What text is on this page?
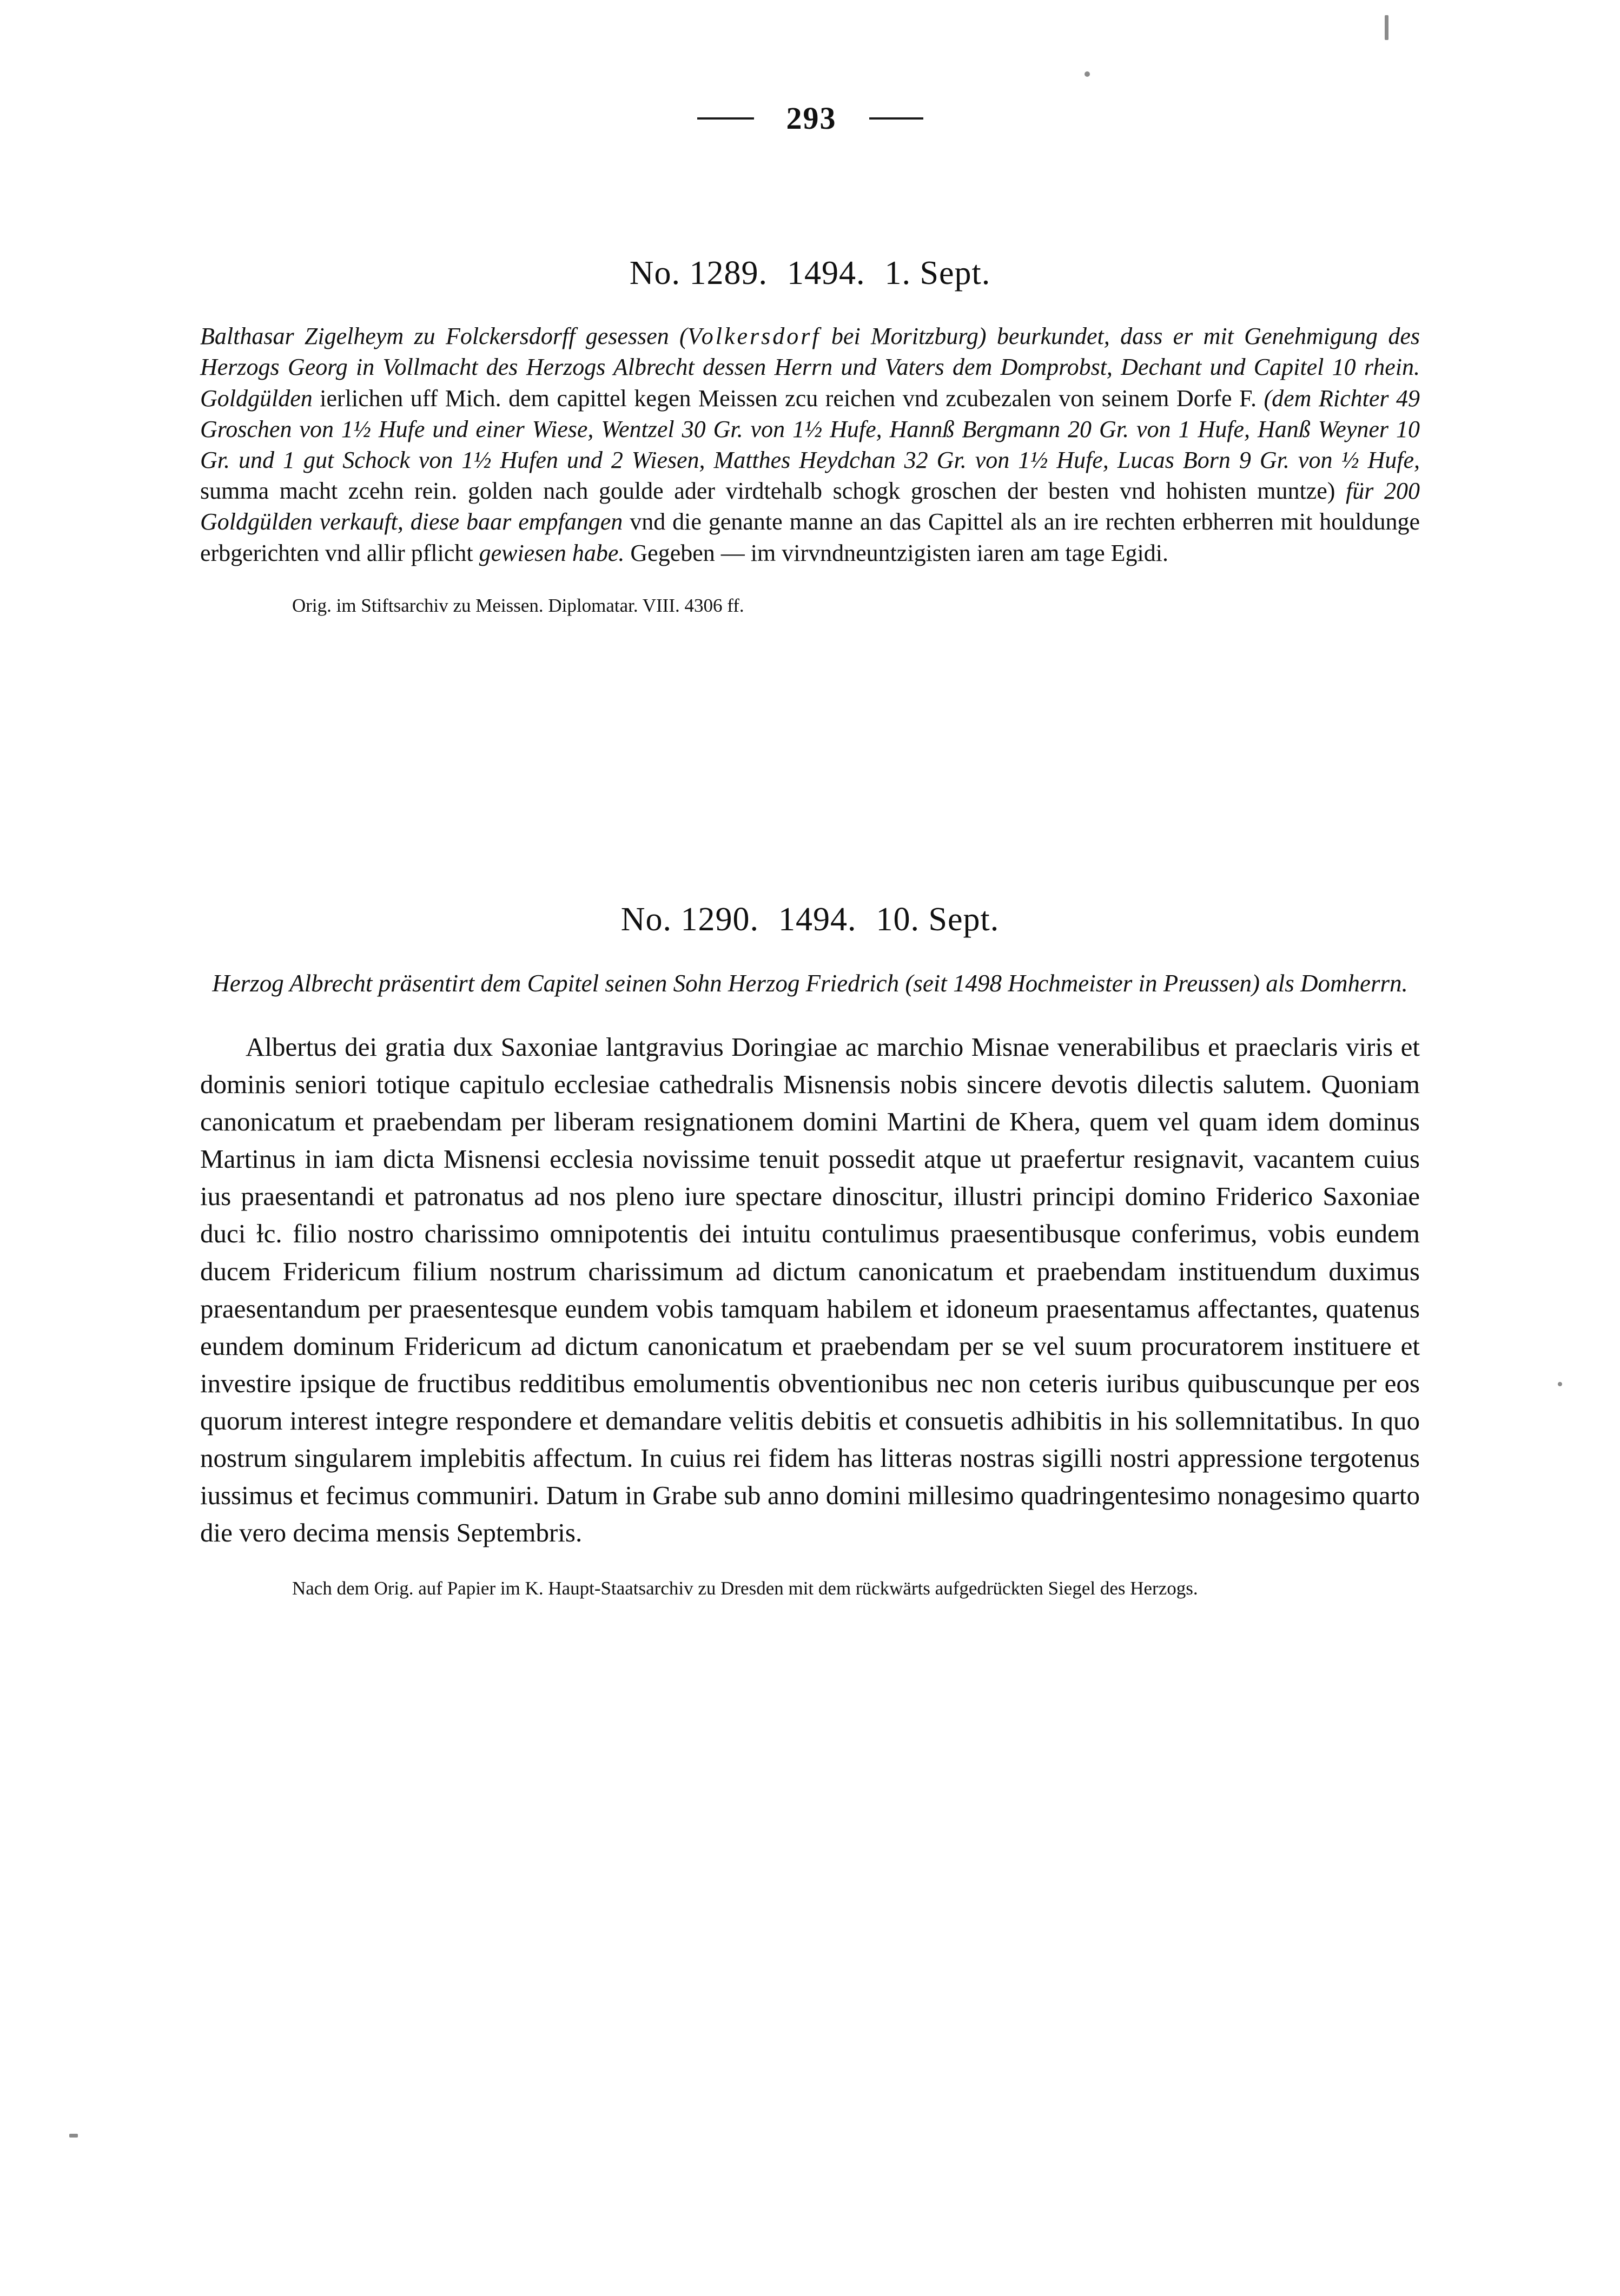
293
No. 1289. 1494. 1. Sept.

Balthasar Zigelheym zu Folckersdorff gesessen (Volkersdorf bei Moritzburg) beurkundet, dass er mit Genehmigung des Herzogs Georg in Vollmacht des Herzogs Albrecht dessen Herrn und Vaters dem Domprobst, Dechant und Capitel 10 rhein. Goldgülden ierlichen uff Mich. dem capittel kegen Meissen zcu reichen vnd zcubezalen von seinem Dorfe F. (dem Richter 49 Groschen von 1½ Hufe und einer Wiese, Wentzel 30 Gr. von 1½ Hufe, Hannß Bergmann 20 Gr. von 1 Hufe, Hanß Weyner 10 Gr. und 1 gut Schock von 1½ Hufen und 2 Wiesen, Matthes Heydchan 32 Gr. von 1½ Hufe, Lucas Born 9 Gr. von ½ Hufe, summa macht zcehn rein. golden nach goulde ader virdtehalb schogk groschen der besten vnd hohisten muntze) für 200 Goldgülden verkauft, diese baar empfangen vnd die genante manne an das Capittel als an ire rechten erbherren mit houldunge erbgerichten vnd allir pflicht gewiesen habe. Gegeben — im virvndneuntzigisten iaren am tage Egidi.

Orig. im Stiftsarchiv zu Meissen. Diplomatar. VIII. 4306 ff.

No. 1290. 1494. 10. Sept.

Herzog Albrecht präsentirt dem Capitel seinen Sohn Herzog Friedrich (seit 1498 Hochmeister in Preussen) als Domherrn.

Albertus dei gratia dux Saxoniae lantgravius Doringiae ac marchio Misnae venerabilibus et praeclaris viris et dominis seniori totique capitulo ecclesiae cathedralis Misnensis nobis sincere devotis dilectis salutem. Quoniam canonicatum et praebendam per liberam resignationem domini Martini de Khera, quem vel quam idem dominus Martinus in iam dicta Misnensi ecclesia novissime tenuit possedit atque ut praefertur resignavit, vacantem cuius ius praesentandi et patronatus ad nos pleno iure spectare dinoscitur, illustri principi domino Friderico Saxoniae duci ɫc. filio nostro charissimo omnipotentis dei intuitu contulimus praesentibusque conferimus, vobis eundem ducem Fridericum filium nostrum charissimum ad dictum canonicatum et praebendam instituendum duximus praesentandum per praesentesque eundem vobis tamquam habilem et idoneum praesentamus affectantes, quatenus eundem dominum Fridericum ad dictum canonicatum et praebendam per se vel suum procuratorem instituere et investire ipsique de fructibus redditibus emolumentis obventionibus nec non ceteris iuribus quibuscunque per eos quorum interest integre respondere et demandare velitis debitis et consuetis adhibitis in his sollemnitatibus. In quo nostrum singularem implebitis affectum. In cuius rei fidem has litteras nostras sigilli nostri appressione tergotenus iussimus et fecimus communiri. Datum in Grabe sub anno domini millesimo quadringentesimo nonagesimo quarto die vero decima mensis Septembris.

Nach dem Orig. auf Papier im K. Haupt-Staatsarchiv zu Dresden mit dem rückwärts aufgedrückten Siegel des Herzogs.
